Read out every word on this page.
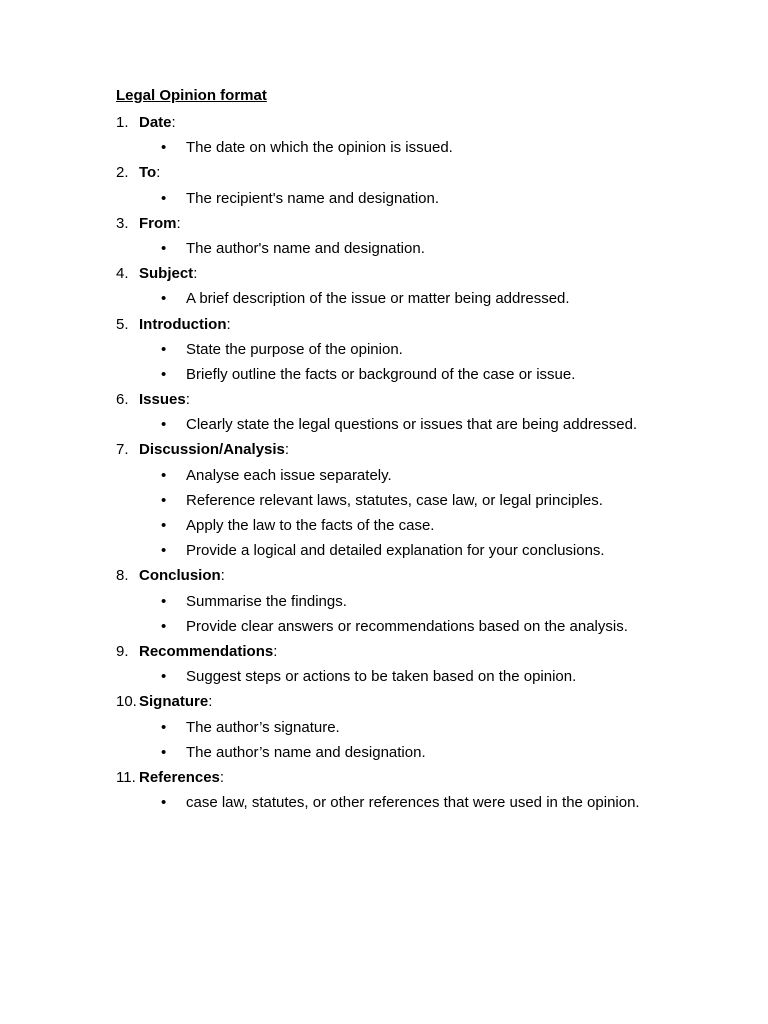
Legal Opinion format
1. Date:
• The date on which the opinion is issued.
2. To:
• The recipient's name and designation.
3. From:
• The author's name and designation.
4. Subject:
• A brief description of the issue or matter being addressed.
5. Introduction:
• State the purpose of the opinion.
• Briefly outline the facts or background of the case or issue.
6. Issues:
• Clearly state the legal questions or issues that are being addressed.
7. Discussion/Analysis:
• Analyse each issue separately.
• Reference relevant laws, statutes, case law, or legal principles.
• Apply the law to the facts of the case.
• Provide a logical and detailed explanation for your conclusions.
8. Conclusion:
• Summarise the findings.
• Provide clear answers or recommendations based on the analysis.
9. Recommendations:
• Suggest steps or actions to be taken based on the opinion.
10. Signature:
• The author’s signature.
• The author’s name and designation.
11. References:
• case law, statutes, or other references that were used in the opinion.
